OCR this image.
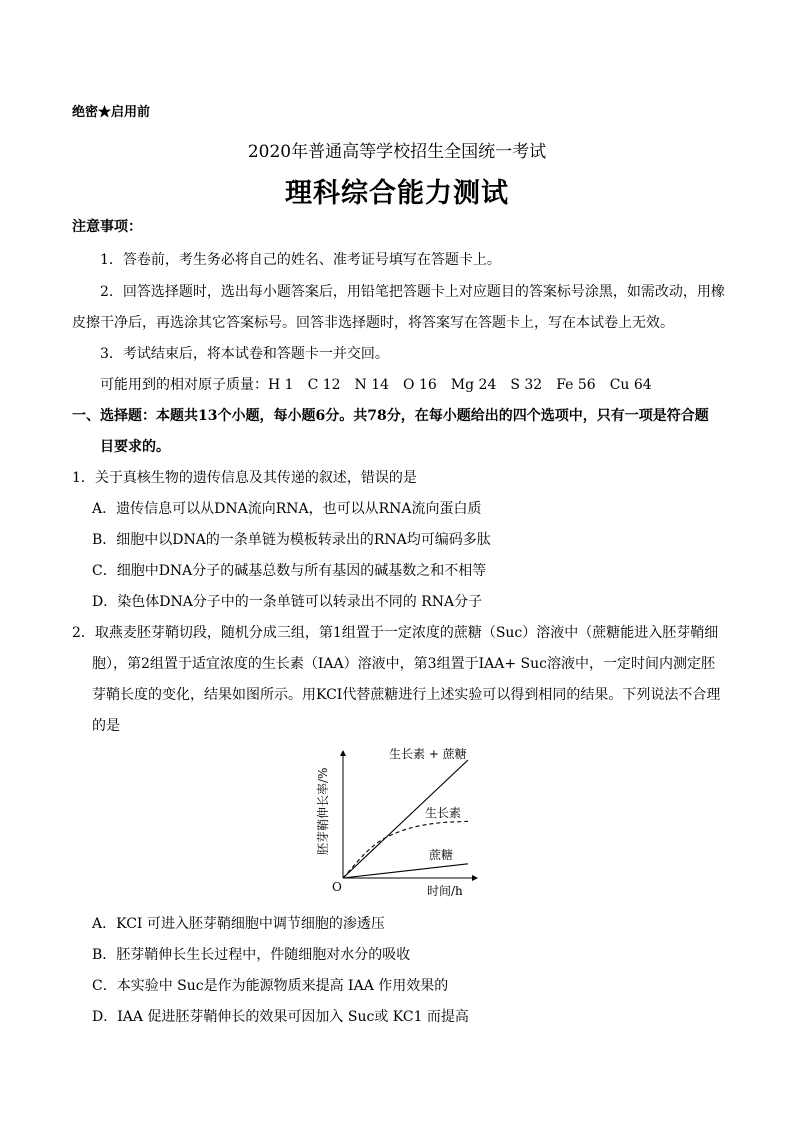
绝密★启用前
2020年普通高等学校招生全国统一考试
理科综合能力测试
注意事项：
1．答卷前，考生务必将自己的姓名、准考证号填写在答题卡上。
2．回答选择题时，选出每小题答案后，用铅笔把答题卡上对应题目的答案标号涂黑，如需改动，用橡
皮擦干净后，再选涂其它答案标号。回答非选择题时，将答案写在答题卡上，写在本试卷上无效。
3．考试结束后，将本试卷和答题卡一并交回。
可能用到的相对原子质量：H 1　C 12　N 14　O 16　Mg 24　S 32　Fe 56　Cu 64
一、选择题：本题共13个小题，每小题6分。共78分，在每小题给出的四个选项中，只有一项是符合题
目要求的。
1．关于真核生物的遗传信息及其传递的叙述，错误的是
A．遗传信息可以从DNA流向RNA，也可以从RNA流向蛋白质
B．细胞中以DNA的一条单链为模板转录出的RNA均可编码多肽
C．细胞中DNA分子的碱基总数与所有基因的碱基数之和不相等
D．染色体DNA分子中的一条单链可以转录出不同的 RNA分子
2．取燕麦胚芽鞘切段，随机分成三组，第1组置于一定浓度的蔗糖（Suc）溶液中（蔗糖能进入胚芽鞘细
胞），第2组置于适宜浓度的生长素（IAA）溶液中，第3组置于IAA+ Suc溶液中，一定时间内测定胚
芽鞘长度的变化，结果如图所示。用KCI代替蔗糖进行上述实验可以得到相同的结果。下列说法不合理
的是
O	时间/h
胚芽鞘伸长率/%
生长素 + 蔗糖
生长素
蔗糖
A．KCI 可进入胚芽鞘细胞中调节细胞的渗透压
B．胚芽鞘伸长生长过程中，件随细胞对水分的吸收
C．本实验中 Suc是作为能源物质来提高 IAA 作用效果的
D．IAA 促进胚芽鞘伸长的效果可因加入 Suc或 KC1 而提高
